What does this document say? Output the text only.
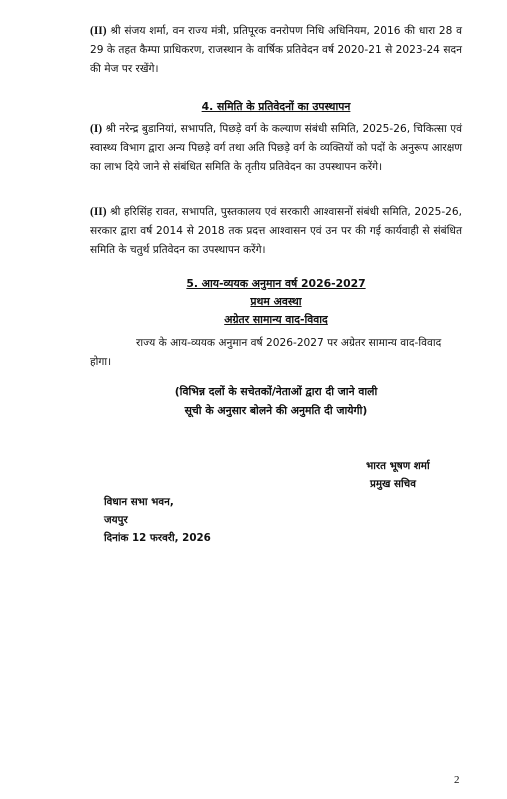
(II) श्री संजय शर्मा, वन राज्य मंत्री, प्रतिपूरक वनरोपण निधि अधिनियम, 2016 की धारा 28 व 29 के तहत कैम्पा प्राधिकरण, राजस्थान के वार्षिक प्रतिवेदन वर्ष 2020-21 से 2023-24 सदन की मेज पर रखेंगे।

4. समिति के प्रतिवेदनों का उपस्थापन

(I) श्री नरेन्द्र बुडानियां, सभापति, पिछड़े वर्ग के कल्याण संबंधी समिति, 2025-26, चिकित्सा एवं स्वास्थ्य विभाग द्वारा अन्य पिछड़े वर्ग तथा अति पिछड़े वर्ग के व्यक्तियों को पदों के अनुरूप आरक्षण का लाभ दिये जाने से संबंधित समिति के तृतीय प्रतिवेदन का उपस्थापन करेंगे।

(II) श्री हरिसिंह रावत, सभापति, पुस्तकालय एवं सरकारी आश्वासनों संबंधी समिति, 2025-26, सरकार द्वारा वर्ष 2014 से 2018 तक प्रदत्त आश्वासन एवं उन पर की गई कार्यवाही से संबंधित समिति के चतुर्थ प्रतिवेदन का उपस्थापन करेंगे।

5. आय-व्ययक अनुमान वर्ष 2026-2027

प्रथम अवस्था

अग्रेतर सामान्य वाद-विवाद

राज्य के आय-व्ययक अनुमान वर्ष 2026-2027 पर अग्रेतर सामान्य वाद-विवाद होगा।

(विभिन्न दलों के सचेतकों/नेताओं द्वारा दी जाने वाली

सूची के अनुसार बोलने की अनुमति दी जायेगी)

भारत भूषण शर्मा

प्रमुख सचिव

विधान सभा भवन,

जयपुर

दिनांक 12 फरवरी, 2026

2
